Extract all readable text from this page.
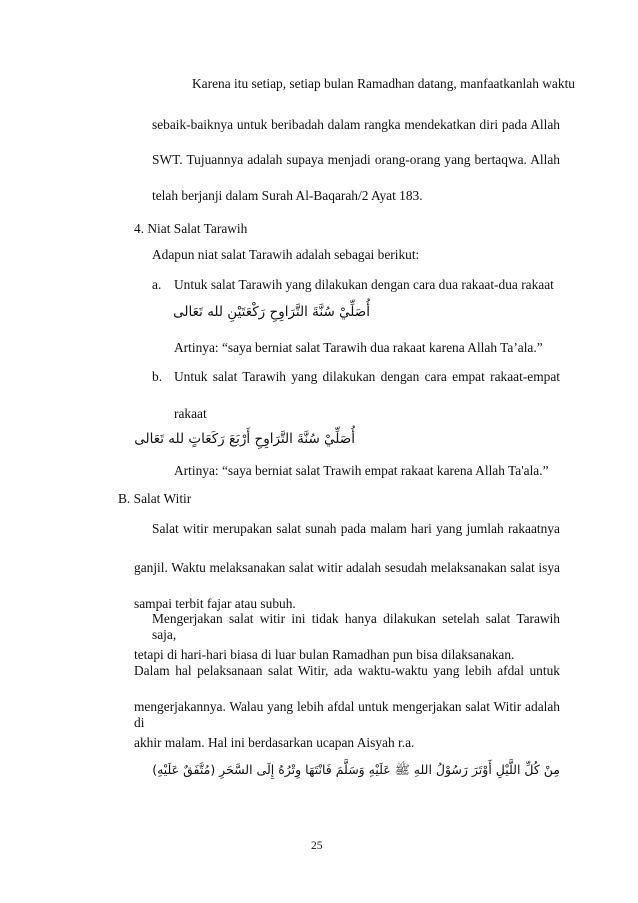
Karena itu setiap, setiap bulan Ramadhan datang, manfaatkanlah waktu
sebaik-baiknya untuk beribadah dalam rangka mendekatkan diri pada Allah
SWT. Tujuannya adalah supaya menjadi orang-orang yang bertaqwa. Allah
telah berjanji dalam Surah Al-Baqarah/2 Ayat 183.
4. Niat Salat Tarawih
Adapun niat salat Tarawih adalah sebagai berikut:
a. Untuk salat Tarawih yang dilakukan dengan cara dua rakaat-dua rakaat
أُصَلِّيْ سُنَّةَ التَّرَاوِحِ رَكْعَتَيْنِ لله تَعَالى
Artinya: “saya berniat salat Tarawih dua rakaat karena Allah Ta’ala.”
b. Untuk salat Tarawih yang dilakukan dengan cara empat rakaat-empat
rakaat
أُصَلِّيْ سُنَّةَ التَّرَاوِحِ أَرْبَعَ رَكَعَاتٍ لله تَعَالى
Artinya: “saya berniat salat Trawih empat rakaat karena Allah Ta'ala.”
B. Salat Witir
Salat witir merupakan salat sunah pada malam hari yang jumlah rakaatnya
ganjil. Waktu melaksanakan salat witir adalah sesudah melaksanakan salat isya
sampai terbit fajar atau subuh.
Mengerjakan salat witir ini tidak hanya dilakukan setelah salat Tarawih saja,
tetapi di hari-hari biasa di luar bulan Ramadhan pun bisa dilaksanakan.
Dalam hal pelaksanaan salat Witir, ada waktu-waktu yang lebih afdal untuk
mengerjakannya. Walau yang lebih afdal untuk mengerjakan salat Witir adalah di
akhir malam. Hal ini berdasarkan ucapan Aisyah r.a.
مِنْ كُلِّ اللَّيْلِ أَوْتَرَ رَسُوْلُ اللهِ ﷺ عَلَيْهِ وَسَلَّمَ فَانْتَهَا وِتْرُهُ إِلَى السَّحَرِ (مُتَّفَقٌ عَلَيْهِ)
25
